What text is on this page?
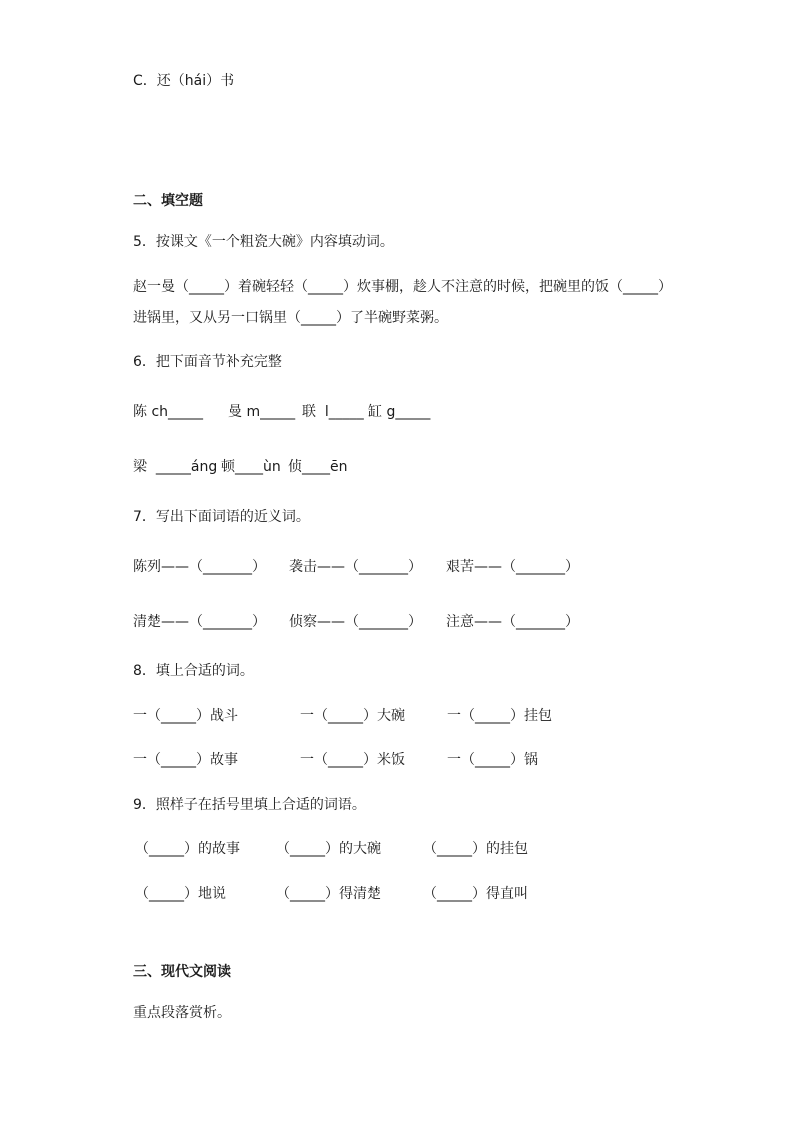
C．还（hái）书
二、填空题
5．按课文《一个粗瓷大碗》内容填动词。
赵一曼（_____）着碗轻轻（_____）炊事棚，趁人不注意的时候，把碗里的饭（_____）
进锅里，又从另一口锅里（_____）了半碗野菜粥。
6．把下面音节补充完整
陈 ch_____ 曼 m_____ 联  l_____ 缸 g_____
梁  _____áng 顿____ùn 侦____ēn
7．写出下面词语的近义词。
陈列——（_______） 袭击——（_______） 艰苦——（_______）
清楚——（_______） 侦察——（_______） 注意——（_______）
8．填上合适的词。
一（_____）战斗	一（_____）大碗	一（_____）挂包
一（_____）故事	一（_____）米饭	一（_____）锅
9．照样子在括号里填上合适的词语。
（_____）的故事	（_____）的大碗	（_____）的挂包
（_____）地说	（_____）得清楚	（_____）得直叫
三、现代文阅读
重点段落赏析。
